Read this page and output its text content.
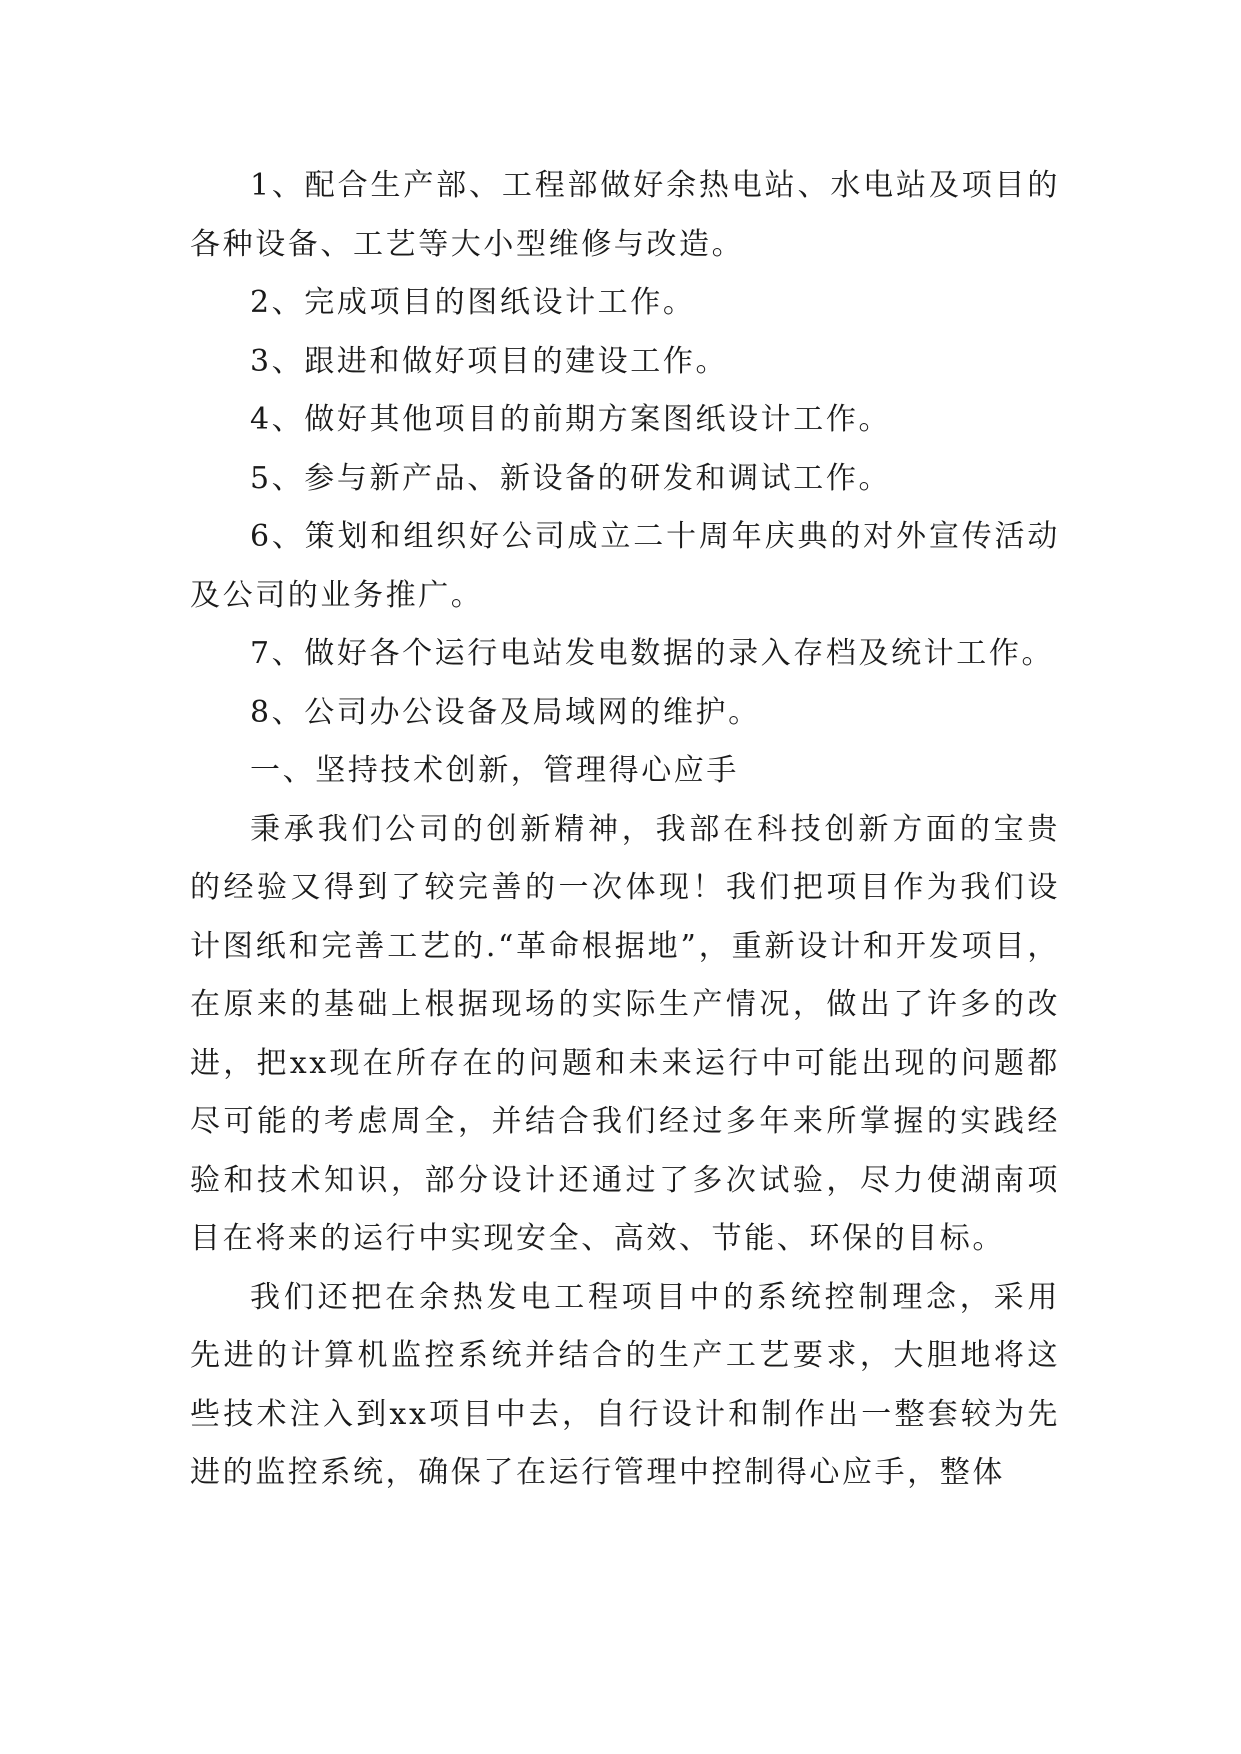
1、配合生产部、工程部做好余热电站、水电站及项目的各种设备、工艺等大小型维修与改造。

2、完成项目的图纸设计工作。

3、跟进和做好项目的建设工作。

4、做好其他项目的前期方案图纸设计工作。

5、参与新产品、新设备的研发和调试工作。

6、策划和组织好公司成立二十周年庆典的对外宣传活动及公司的业务推广。

7、做好各个运行电站发电数据的录入存档及统计工作。

8、公司办公设备及局域网的维护。

一、坚持技术创新，管理得心应手

秉承我们公司的创新精神，我部在科技创新方面的宝贵的经验又得到了较完善的一次体现！我们把项目作为我们设计图纸和完善工艺的.“革命根据地”，重新设计和开发项目，在原来的基础上根据现场的实际生产情况，做出了许多的改进，把xx现在所存在的问题和未来运行中可能出现的问题都尽可能的考虑周全，并结合我们经过多年来所掌握的实践经验和技术知识，部分设计还通过了多次试验，尽力使湖南项目在将来的运行中实现安全、高效、节能、环保的目标。

我们还把在余热发电工程项目中的系统控制理念，采用先进的计算机监控系统并结合的生产工艺要求，大胆地将这些技术注入到xx项目中去，自行设计和制作出一整套较为先进的监控系统，确保了在运行管理中控制得心应手，整体
